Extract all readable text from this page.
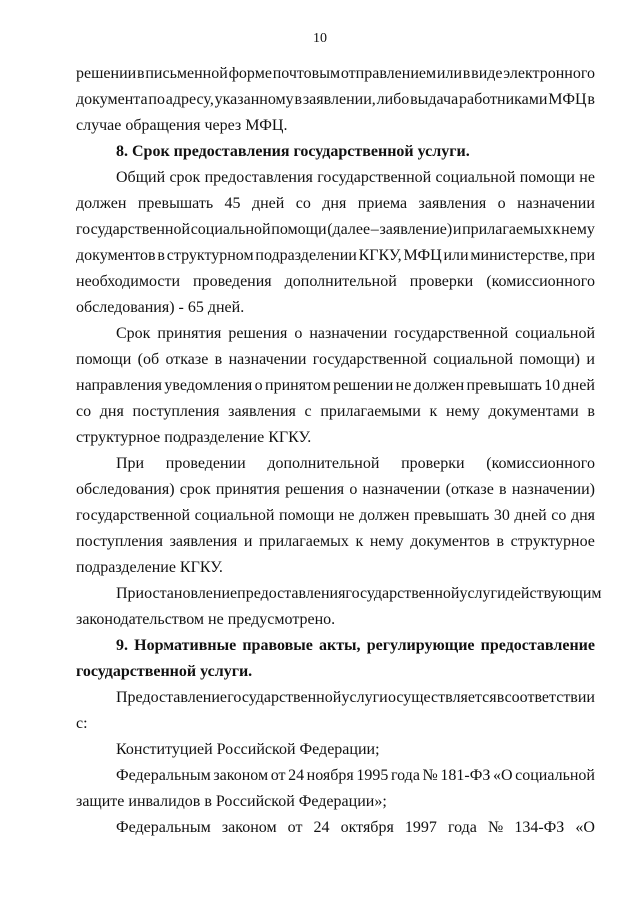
10
решении в письменной форме почтовым отправлением или в виде электронного
документа по адресу, указанному в заявлении, либо выдача работниками МФЦ в
случае обращения через МФЦ.
8. Срок предоставления государственной услуги.
Общий срок предоставления государственной социальной помощи не
должен превышать 45 дней со дня приема заявления о назначении
государственной социальной помощи (далее – заявление) и прилагаемых к нему
документов в структурном подразделении КГКУ, МФЦ или министерстве, при
необходимости проведения дополнительной проверки (комиссионного
обследования) - 65 дней.
Срок принятия решения о назначении государственной социальной
помощи (об отказе в назначении государственной социальной помощи) и
направления уведомления о принятом решении не должен превышать 10 дней
со дня поступления заявления с прилагаемыми к нему документами в
структурное подразделение КГКУ.
При проведении дополнительной проверки (комиссионного
обследования) срок принятия решения о назначении (отказе в назначении)
государственной социальной помощи не должен превышать 30 дней со дня
поступления заявления и прилагаемых к нему документов в структурное
подразделение КГКУ.
Приостановление предоставления государственной услуги действующим
законодательством не предусмотрено.
9. Нормативные правовые акты, регулирующие предоставление
государственной услуги.
Предоставление государственной услуги осуществляется в соответствии
с:
Конституцией Российской Федерации;
Федеральным законом от 24 ноября 1995 года № 181-ФЗ «О социальной
защите инвалидов в Российской Федерации»;
Федеральным законом от 24 октября 1997 года № 134-ФЗ «О
